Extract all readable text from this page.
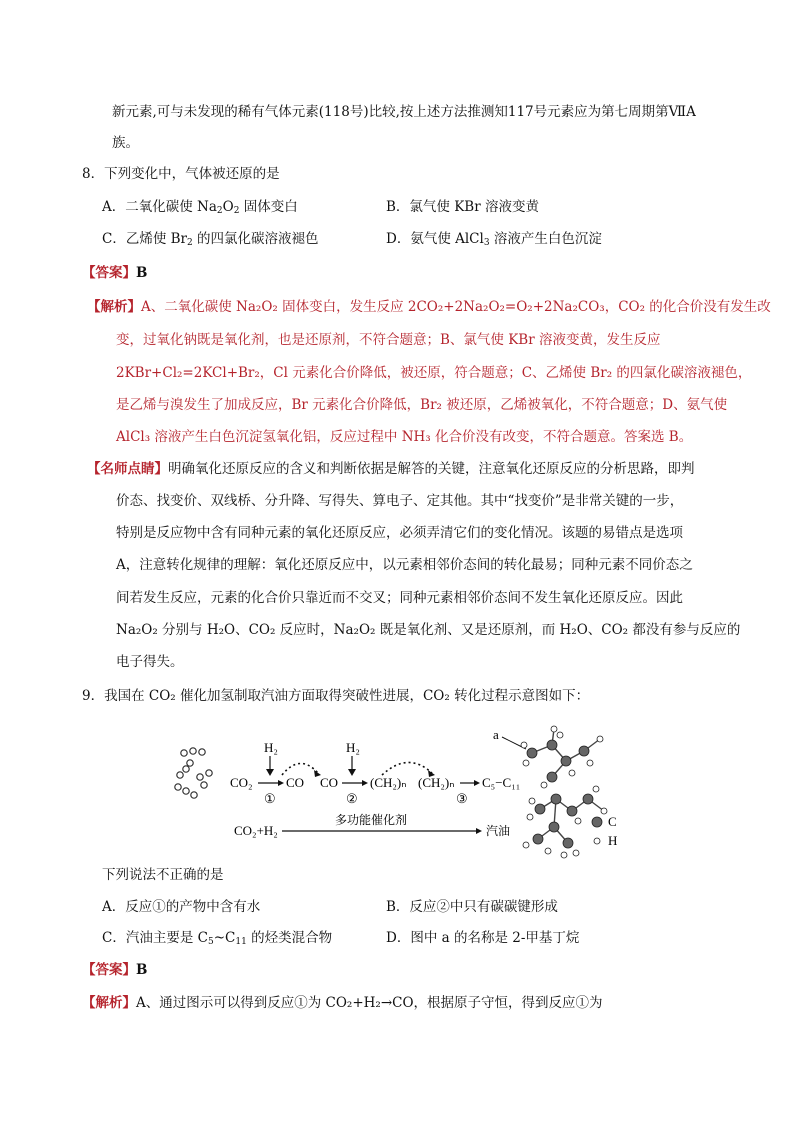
新元素,可与未发现的稀有气体元素(118号)比较,按上述方法推测知117号元素应为第七周期第ⅦA
族。
8．下列变化中，气体被还原的是
A．二氧化碳使 $Na_2O_2$ 固体变白	B．氯气使 KBr 溶液变黄
C．乙烯使 $Br_2$ 的四氯化碳溶液褪色	D．氨气使 AlCl$_3$ 溶液产生白色沉淀
【答案】B
【解析】A、二氧化碳使 Na₂O₂ 固体变白，发生反应 2CO₂+2Na₂O₂=O₂+2Na₂CO₃，CO₂ 的化合价没有发生改
变，过氧化钠既是氧化剂，也是还原剂，不符合题意；B、氯气使 KBr 溶液变黄，发生反应
2KBr+Cl₂=2KCl+Br₂，Cl 元素化合价降低，被还原，符合题意；C、乙烯使 Br₂ 的四氯化碳溶液褪色，
是乙烯与溴发生了加成反应，Br 元素化合价降低，Br₂ 被还原，乙烯被氧化，不符合题意；D、氨气使
AlCl₃ 溶液产生白色沉淀氢氧化铝，反应过程中 NH₃ 化合价没有改变，不符合题意。答案选 B。
【名师点睛】明确氧化还原反应的含义和判断依据是解答的关键，注意氧化还原反应的分析思路，即判
价态、找变价、双线桥、分升降、写得失、算电子、定其他。其中“找变价”是非常关键的一步，
特别是反应物中含有同种元素的氧化还原反应，必须弄清它们的变化情况。该题的易错点是选项
A，注意转化规律的理解：氧化还原反应中，以元素相邻价态间的转化最易；同种元素不同价态之
间若发生反应，元素的化合价只靠近而不交叉；同种元素相邻价态间不发生氧化还原反应。因此
Na₂O₂ 分别与 H₂O、CO₂ 反应时，Na₂O₂ 既是氧化剂、又是还原剂，而 H₂O、CO₂ 都没有参与反应的
电子得失。
9．我国在 CO₂ 催化加氢制取汽油方面取得突破性进展，CO₂ 转化过程示意图如下：
H₂	H₂
CO₂
①
CO CO
②
(CH₂)ₙ (CH₂)ₙ
③
C₅−C₁₁
CO₂+H₂
多功能催化剂
汽油
a
C
H
下列说法不正确的是
A．反应①的产物中含有水	B．反应②中只有碳碳键形成
C．汽油主要是 $C_5\sim C_{11}$ 的烃类混合物	D．图中 a 的名称是 2-甲基丁烷
【答案】B
【解析】A、通过图示可以得到反应①为 CO₂+H₂→CO，根据原子守恒，得到反应①为
